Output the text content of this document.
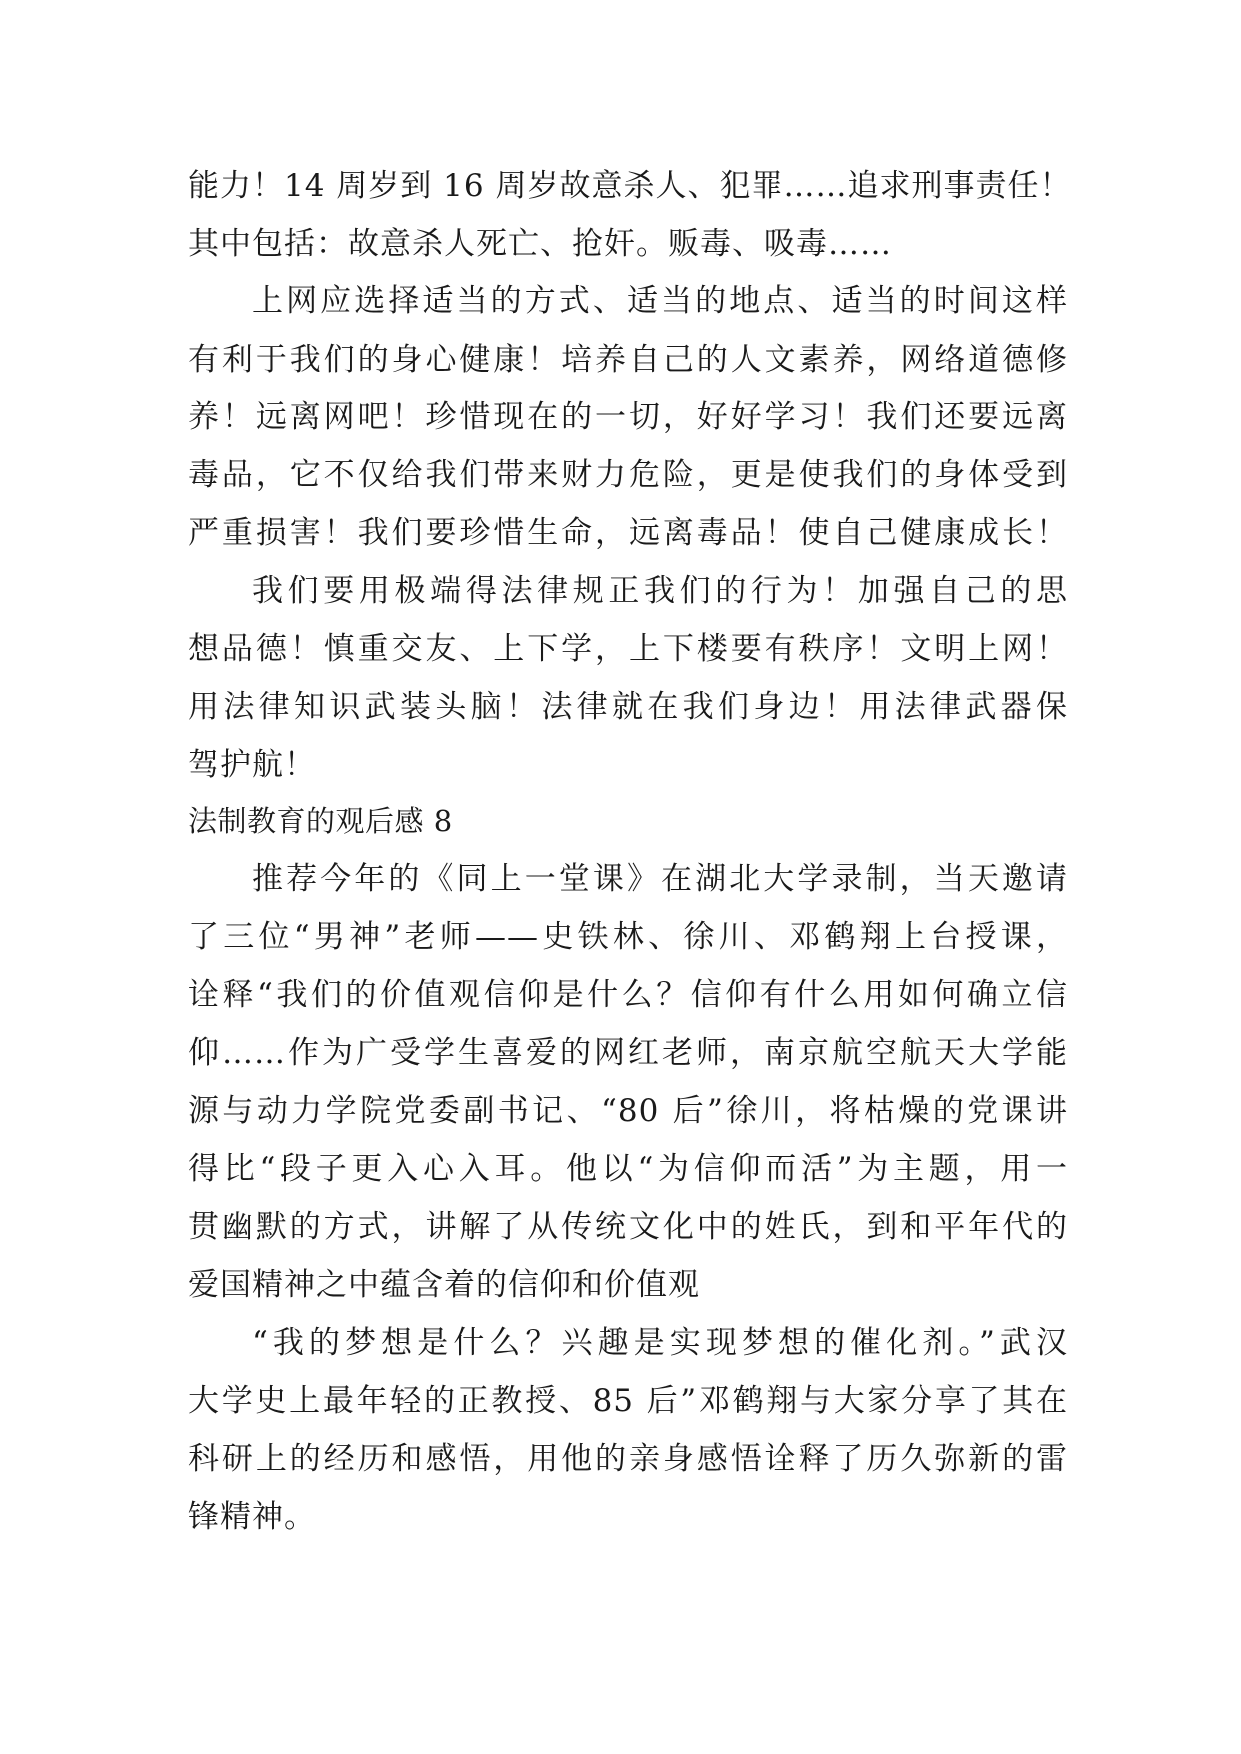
能力！14 周岁到 16 周岁故意杀人、犯罪……追求刑事责任！
其中包括：故意杀人死亡、抢奸。贩毒、吸毒……
上网应选择适当的方式、适当的地点、适当的时间这样
有利于我们的身心健康！培养自己的人文素养，网络道德修
养！远离网吧！珍惜现在的一切，好好学习！我们还要远离
毒品，它不仅给我们带来财力危险，更是使我们的身体受到
严重损害！我们要珍惜生命，远离毒品！使自己健康成长！
我们要用极端得法律规正我们的行为！加强自己的思
想品德！慎重交友、上下学，上下楼要有秩序！文明上网！
用法律知识武装头脑！法律就在我们身边！用法律武器保
驾护航！
法制教育的观后感 8
推荐今年的《同上一堂课》在湖北大学录制，当天邀请
了三位“男神”老师——史铁林、徐川、邓鹤翔上台授课，
诠释“我们的价值观信仰是什么？信仰有什么用如何确立信
仰……作为广受学生喜爱的网红老师，南京航空航天大学能
源与动力学院党委副书记、“80 后”徐川，将枯燥的党课讲
得比“段子更入心入耳。他以“为信仰而活”为主题，用一
贯幽默的方式，讲解了从传统文化中的姓氏，到和平年代的
爱国精神之中蕴含着的信仰和价值观
“我的梦想是什么？兴趣是实现梦想的催化剂。”武汉
大学史上最年轻的正教授、85 后”邓鹤翔与大家分享了其在
科研上的经历和感悟，用他的亲身感悟诠释了历久弥新的雷
锋精神。
